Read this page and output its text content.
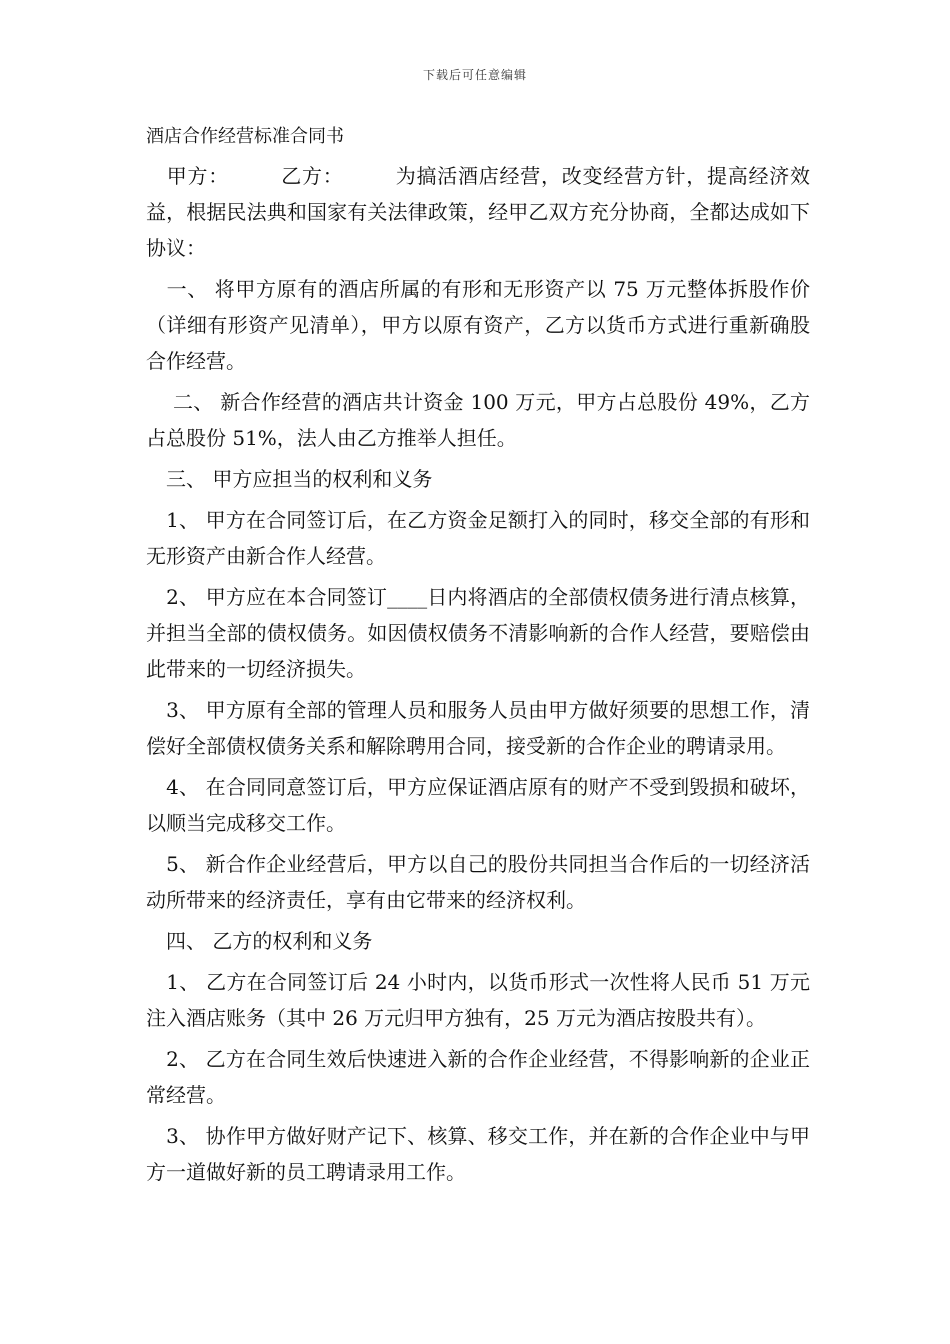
下载后可任意编辑
酒店合作经营标准合同书

　甲方：　　　乙方：　　　为搞活酒店经营，改变经营方针，提高经济效益，根据民法典和国家有关法律政策，经甲乙双方充分协商，全都达成如下协议：

　一、 将甲方原有的酒店所属的有形和无形资产以 75 万元整体拆股作价（详细有形资产见清单），甲方以原有资产，乙方以货币方式进行重新确股合作经营。

　 二、 新合作经营的酒店共计资金 100 万元，甲方占总股份 49%，乙方占总股份 51%，法人由乙方推举人担任。

　三、 甲方应担当的权利和义务

　1、 甲方在合同签订后，在乙方资金足额打入的同时，移交全部的有形和无形资产由新合作人经营。

　2、 甲方应在本合同签订____日内将酒店的全部债权债务进行清点核算，并担当全部的债权债务。如因债权债务不清影响新的合作人经营，要赔偿由此带来的一切经济损失。

　3、 甲方原有全部的管理人员和服务人员由甲方做好须要的思想工作，清偿好全部债权债务关系和解除聘用合同，接受新的合作企业的聘请录用。

　4、 在合同同意签订后，甲方应保证酒店原有的财产不受到毁损和破坏，以顺当完成移交工作。

　5、 新合作企业经营后，甲方以自己的股份共同担当合作后的一切经济活动所带来的经济责任，享有由它带来的经济权利。

　四、 乙方的权利和义务

　1、 乙方在合同签订后 24 小时内，以货币形式一次性将人民币 51 万元注入酒店账务（其中 26 万元归甲方独有，25 万元为酒店按股共有）。

　2、 乙方在合同生效后快速进入新的合作企业经营，不得影响新的企业正常经营。

　3、 协作甲方做好财产记下、核算、移交工作，并在新的合作企业中与甲方一道做好新的员工聘请录用工作。
